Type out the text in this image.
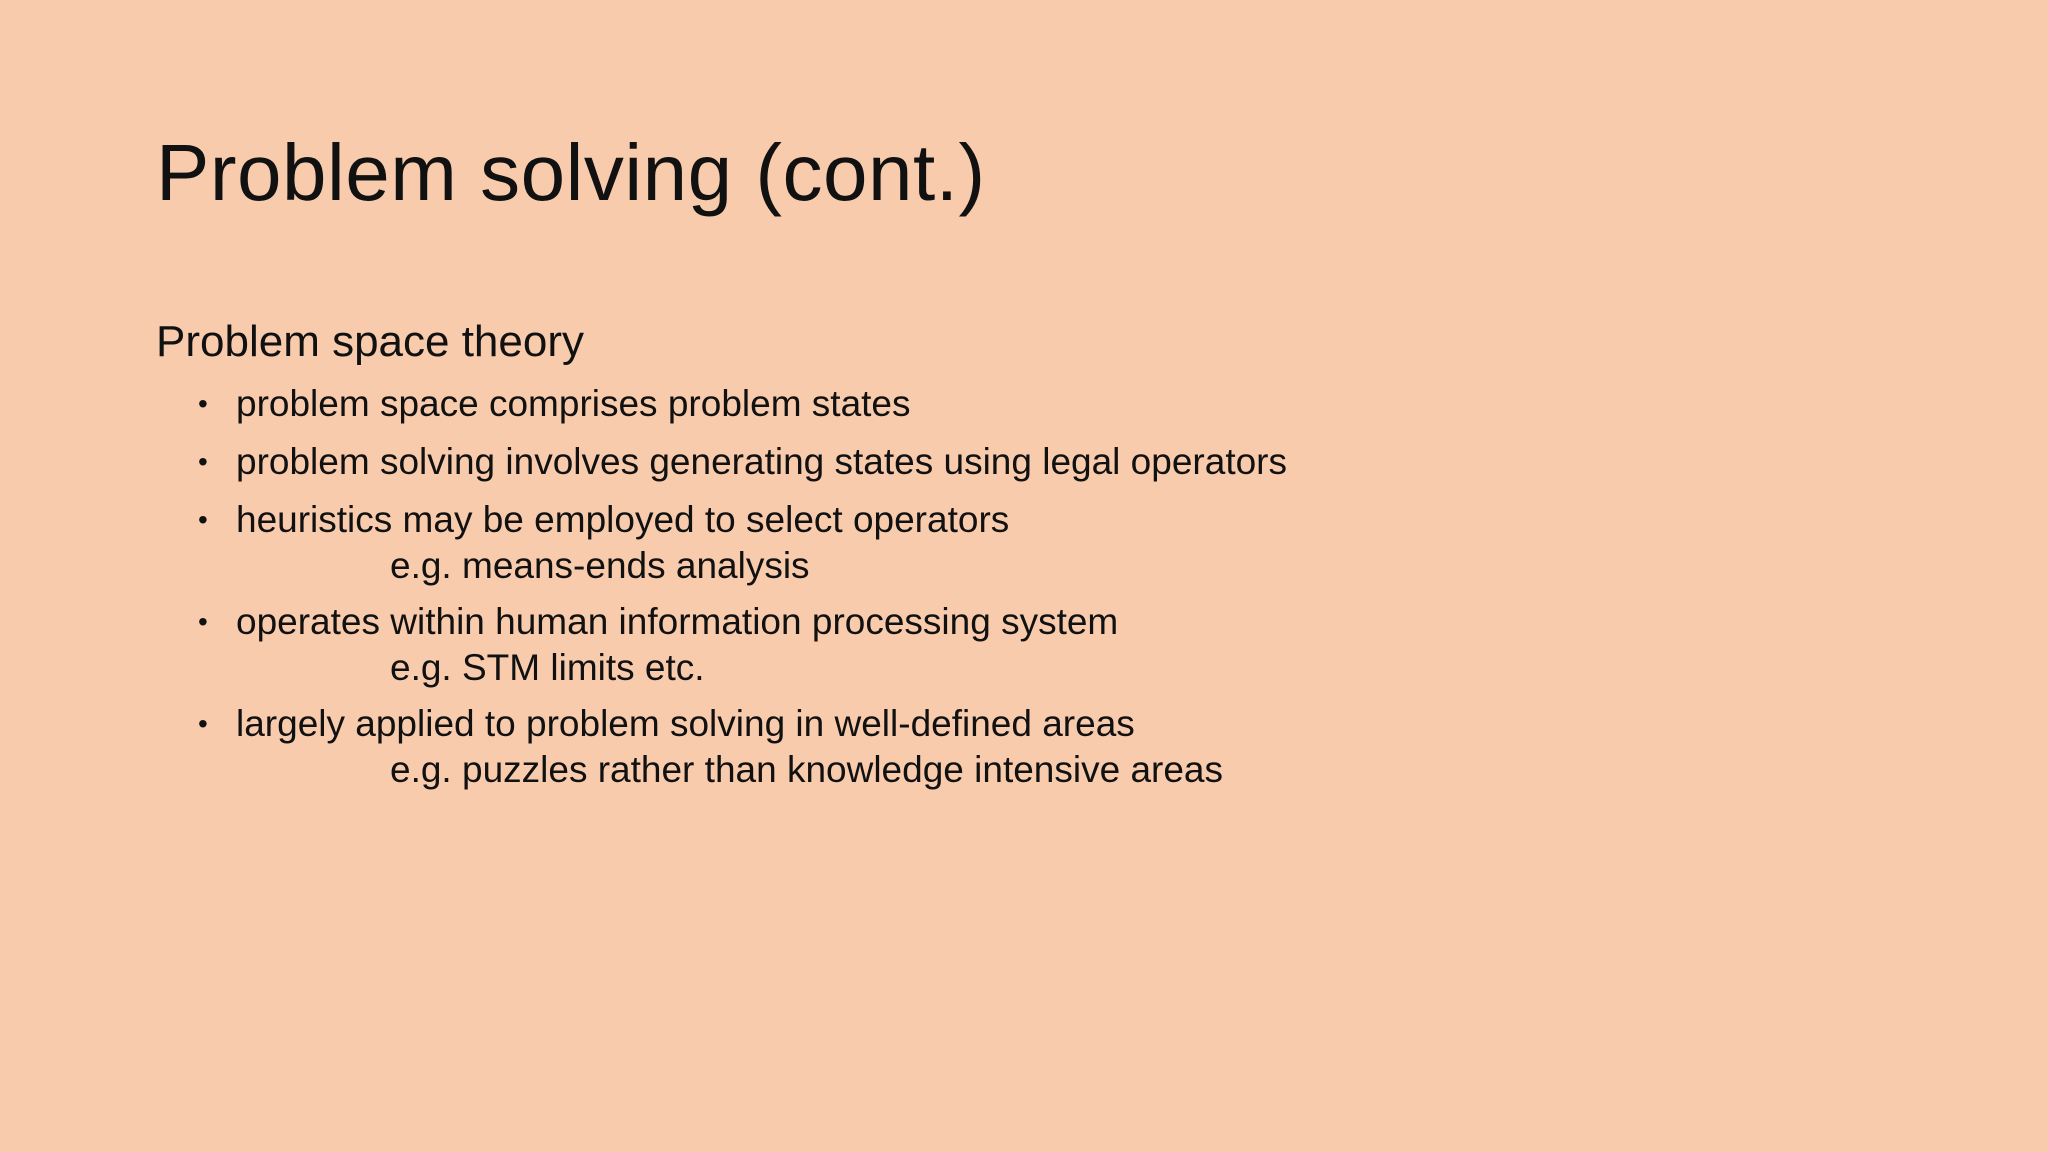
Problem solving (cont.)
Problem space theory
• problem space comprises problem states
• problem solving involves generating states using legal operators
• heuristics may be employed to select operators
e.g. means-ends analysis
• operates within human information processing system
e.g. STM limits etc.
• largely applied to problem solving in well-defined areas
e.g. puzzles rather than knowledge intensive areas
